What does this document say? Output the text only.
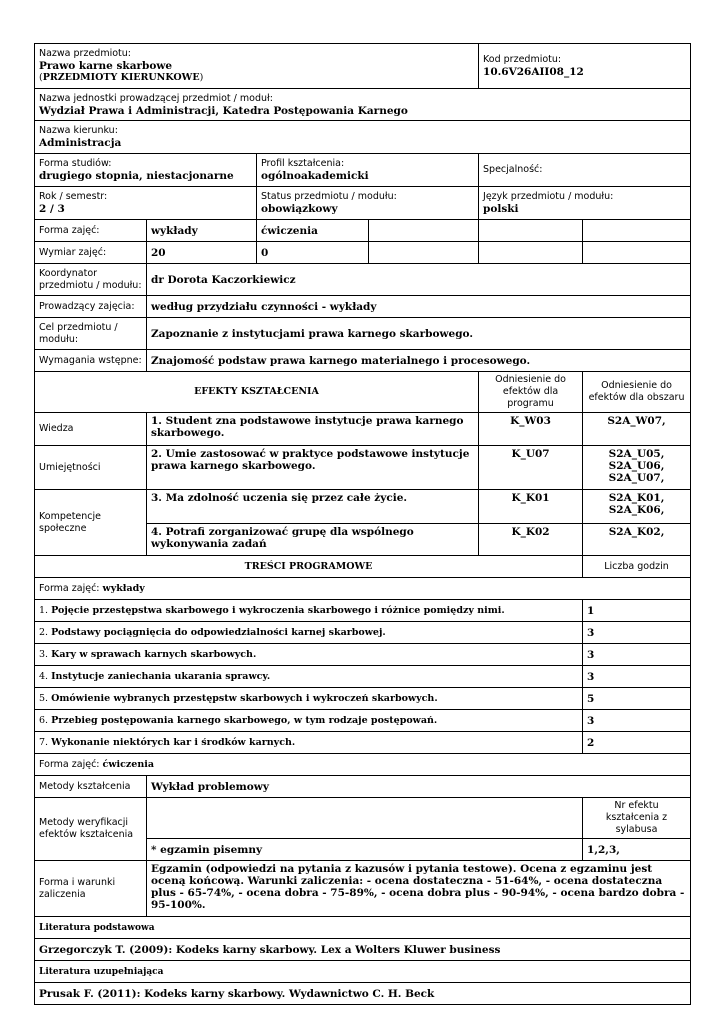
Nazwa przedmiotu:
Prawo karne skarbowe
(PRZEDMIOTY KIERUNKOWE)				Kod przedmiotu:
10.6V26AII08_12	

Nazwa jednostki prowadzącej przedmiot / moduł:
Wydział Prawa i Administracji, Katedra Postępowania Karnego					

Nazwa kierunku:
Administracja					

Forma studiów:
drugiego stopnia, niestacjonarne		Profil kształcenia:
ogólnoakademicki		Specjalność:	

Rok / semestr:
2 / 3		Status przedmiotu / modułu:
obowiązkowy		Język przedmiotu / modułu:
polski	

Forma zajęć:	wykłady	ćwiczenia			
Wymiar zajęć:	20	0			
Koordynator przedmiotu / modułu:	dr Dorota Kaczorkiewicz				
Prowadzący zajęcia:	według przydziału czynności - wykłady				
Cel przedmiotu / modułu:	Zapoznanie z instytucjami prawa karnego skarbowego.				
Wymagania wstępne:	Znajomość podstaw prawa karnego materialnego i procesowego.				
EFEKTY KSZTAŁCENIA				Odniesienie do efektów dla programu	Odniesienie do efektów dla obszaru
Wiedza	1. Student zna podstawowe instytucje prawa karnego skarbowego.			K_W03	S2A_W07,

Umiejętności	2. Umie zastosować w praktyce podstawowe instytucje prawa karnego skarbowego.			K_U07	S2A_U05,
S2A_U06,
S2A_U07,

Kompetencje społeczne	3. Ma zdolność uczenia się przez całe życie.			K_K01	S2A_K01,
S2A_K06,

	4. Potrafi zorganizować grupę dla wspólnego wykonywania zadań			K_K02	S2A_K02,

TREŚCI PROGRAMOWE					Liczba godzin
Forma zajęć: wykłady					
1. Pojęcie przestępstwa skarbowego i wykroczenia skarbowego i różnice pomiędzy nimi.					1
2. Podstawy pociągnięcia do odpowiedzialności karnej skarbowej.					3
3. Kary w sprawach karnych skarbowych.					3
4. Instytucje zaniechania ukarania sprawcy.					3
5. Omówienie wybranych przestępstw skarbowych i wykroczeń skarbowych.					5
6. Przebieg postępowania karnego skarbowego, w tym rodzaje postępowań.					3
7. Wykonanie niektórych kar i środków karnych.					2
Forma zajęć: ćwiczenia					
Metody kształcenia	Wykład problemowy				
Metody weryfikacji efektów kształcenia					Nr efektu kształcenia z sylabusa
	* egzamin pisemny				1,2,3,
Forma i warunki zaliczenia	Egzamin (odpowiedzi na pytania z kazusów i pytania testowe). Ocena z egzaminu jest oceną końcową. Warunki zaliczenia: - ocena dostateczna - 51-64%, - ocena dostateczna plus - 65-74%, - ocena dobra - 75-89%, - ocena dobra plus - 90-94%, - ocena bardzo dobra - 95-100%.				
Literatura podstawowa					
Grzegorczyk T. (2009): Kodeks karny skarbowy. Lex a Wolters Kluwer business					
Literatura uzupełniająca					
Prusak F. (2011): Kodeks karny skarbowy. Wydawnictwo C. H. Beck					
